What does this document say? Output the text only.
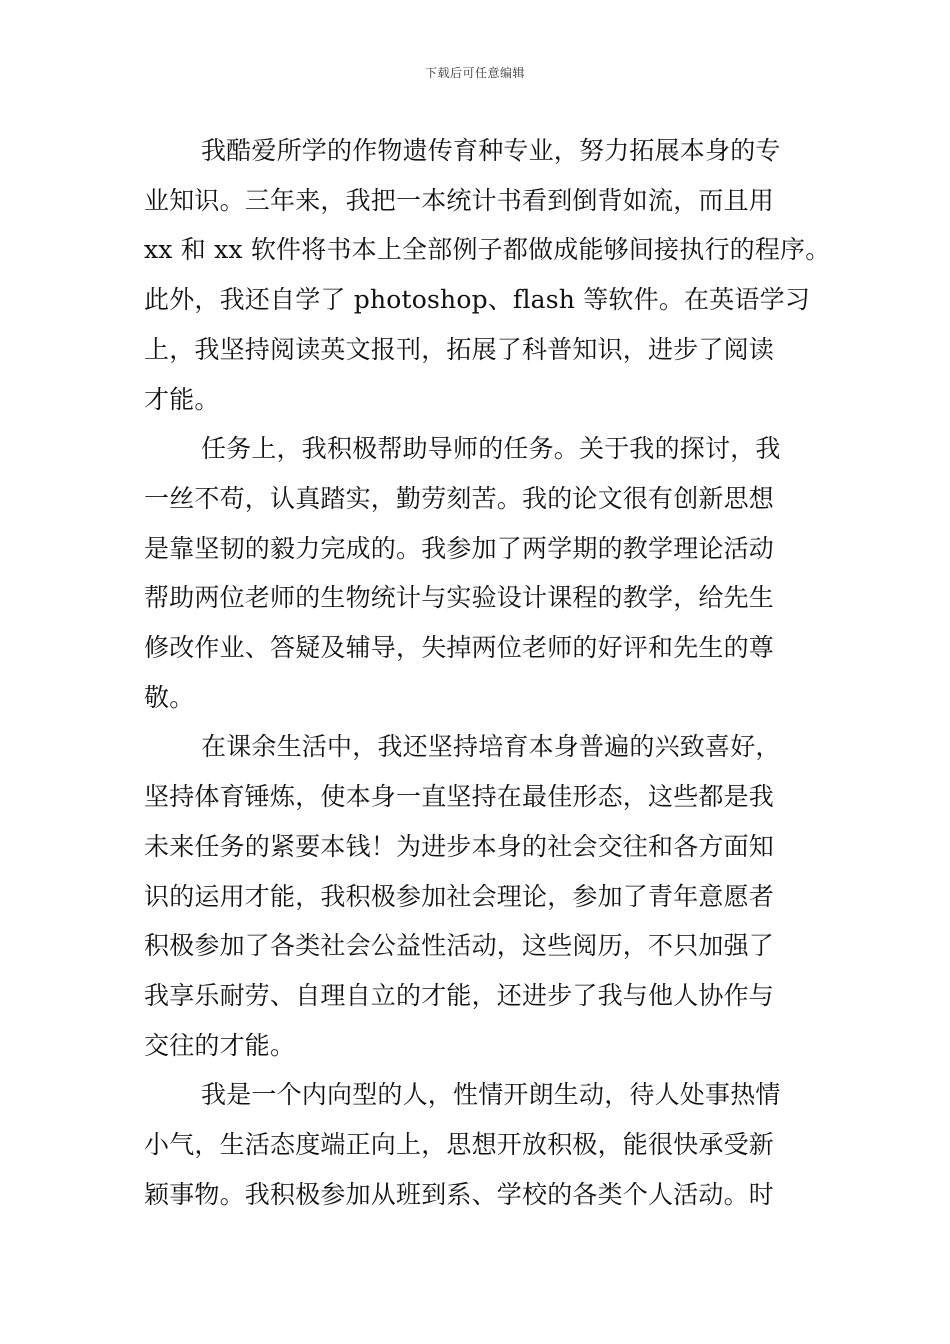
下载后可任意编辑
我酷爱所学的作物遗传育种专业，努力拓展本身的专
业知识。三年来，我把一本统计书看到倒背如流，而且用
xx 和 xx 软件将书本上全部例子都做成能够间接执行的程序。
此外，我还自学了 photoshop、flash 等软件。在英语学习
上，我坚持阅读英文报刊，拓展了科普知识，进步了阅读
才能。
任务上，我积极帮助导师的任务。关于我的探讨，我
一丝不苟，认真踏实，勤劳刻苦。我的论文很有创新思想
是靠坚韧的毅力完成的。我参加了两学期的教学理论活动
帮助两位老师的生物统计与实验设计课程的教学，给先生
修改作业、答疑及辅导，失掉两位老师的好评和先生的尊
敬。
在课余生活中，我还坚持培育本身普遍的兴致喜好，
坚持体育锤炼，使本身一直坚持在最佳形态，这些都是我
未来任务的紧要本钱！为进步本身的社会交往和各方面知
识的运用才能，我积极参加社会理论，参加了青年意愿者
积极参加了各类社会公益性活动，这些阅历，不只加强了
我享乐耐劳、自理自立的才能，还进步了我与他人协作与
交往的才能。
我是一个内向型的人，性情开朗生动，待人处事热情
小气，生活态度端正向上，思想开放积极，能很快承受新
颖事物。我积极参加从班到系、学校的各类个人活动。时
